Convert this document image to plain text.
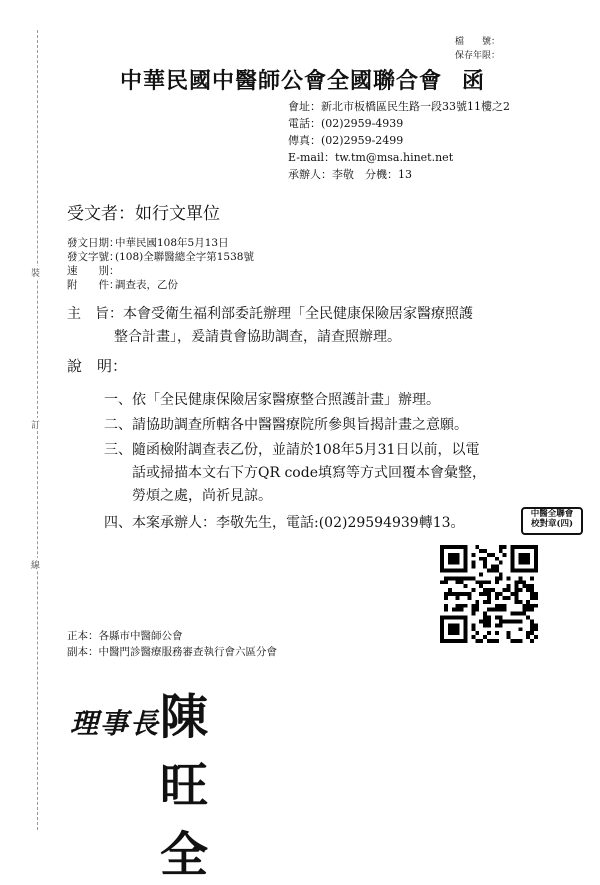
裝
訂
線
檔　　號：
保存年限：
中華民國中醫師公會全國聯合會 函
會址：新北市板橋區民生路一段33號11樓之2
電話：(02)2959-4939
傳真：(02)2959-2499
E-mail：tw.tm@msa.hinet.net
承辦人：李敬　分機：13
受文者：如行文單位
發文日期：
中華民國108年5月13日
發文字號：
(108)全聯醫總全字第1538號
速　　別：
附　　件：
調查表，乙份
主　旨：本會受衛生福利部委託辦理「全民健康保險居家醫療照護
整合計畫」，爰請貴會協助調查，請查照辦理。
說　明：
一、依「全民健康保險居家醫療整合照護計畫」辦理。
二、請協助調查所轄各中醫醫療院所參與旨揭計畫之意願。
三、隨函檢附調查表乙份，並請於108年5月31日以前，以電
話或掃描本文右下方QR code填寫等方式回覆本會彙整，
勞煩之處，尚祈見諒。
四、本案承辦人：李敬先生，電話:(02)29594939轉13。
中醫全聯會
校對章(四)
正本：各縣市中醫師公會
副本：中醫門診醫療服務審查執行會六區分會
理事長 陳旺全
